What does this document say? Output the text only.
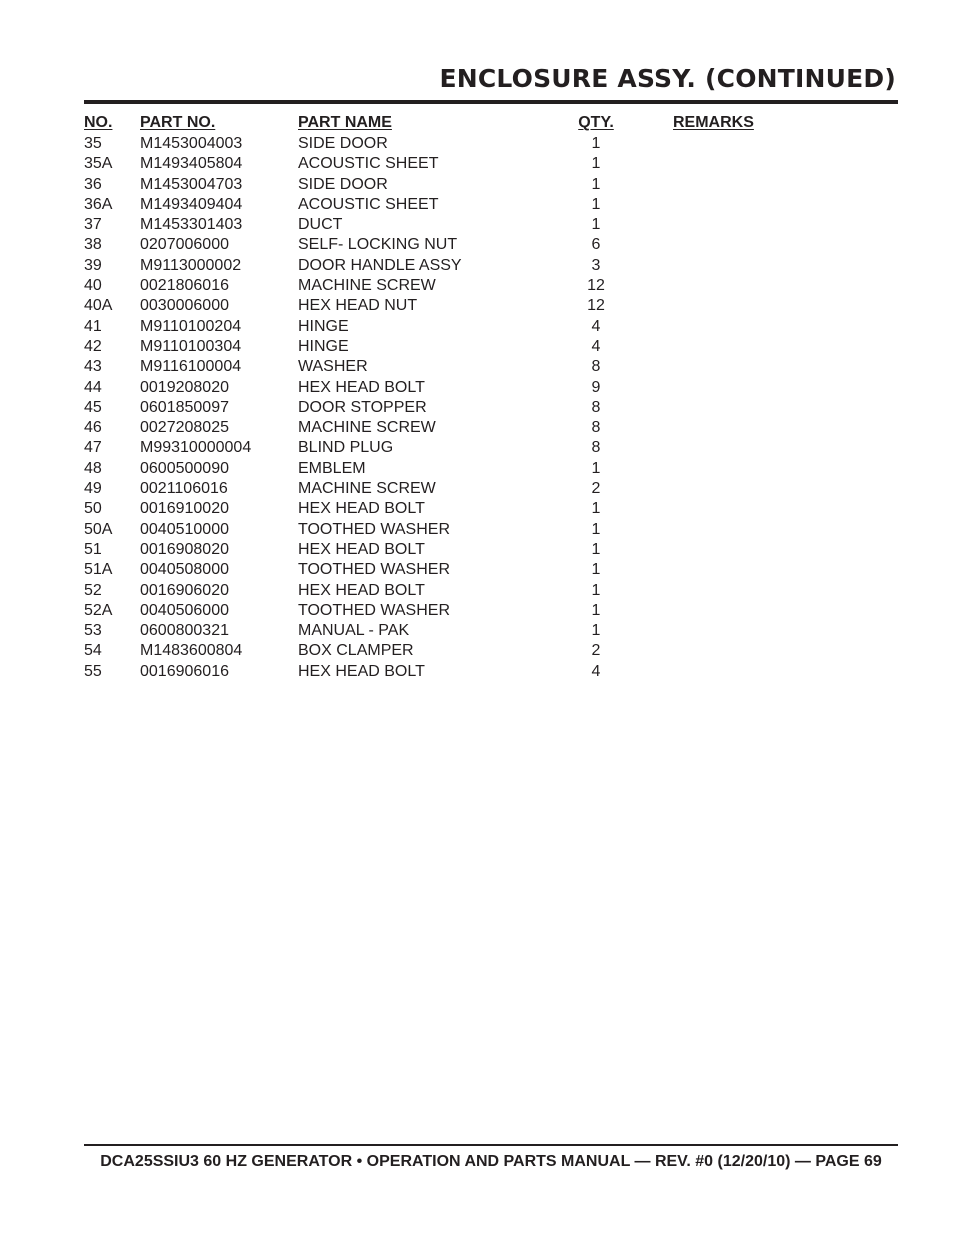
ENCLOSURE ASSY. (CONTINUED)
NO. PART NO.	PART NAME	QTY.	REMARKS
35 M1453004003	SIDE DOOR	1
35A M1493405804	ACOUSTIC SHEET	1
36 M1453004703	SIDE DOOR	1
36A M1493409404	ACOUSTIC SHEET	1
37 M1453301403	DUCT	1
38 0207006000	SELF- LOCKING NUT	6
39 M9113000002	DOOR HANDLE ASSY	3
40 0021806016	MACHINE SCREW	12
40A 0030006000	HEX HEAD NUT	12
41 M9110100204	HINGE	4
42 M9110100304	HINGE	4
43 M9116100004	WASHER	8
44 0019208020	HEX HEAD BOLT	9
45 0601850097	DOOR STOPPER	8
46 0027208025	MACHINE SCREW	8
47 M99310000004	BLIND PLUG	8
48 0600500090	EMBLEM	1
49 0021106016	MACHINE SCREW	2
50 0016910020	HEX HEAD BOLT	1
50A 0040510000	TOOTHED WASHER	1
51 0016908020	HEX HEAD BOLT	1
51A 0040508000	TOOTHED WASHER	1
52 0016906020	HEX HEAD BOLT	1
52A 0040506000	TOOTHED WASHER	1
53 0600800321	MANUAL - PAK	1
54 M1483600804	BOX CLAMPER	2
55 0016906016	HEX HEAD BOLT	4
DCA25SSIU3 60 HZ GENERATOR • OPERATION AND PARTS MANUAL — REV. #0 (12/20/10) — PAGE 69
